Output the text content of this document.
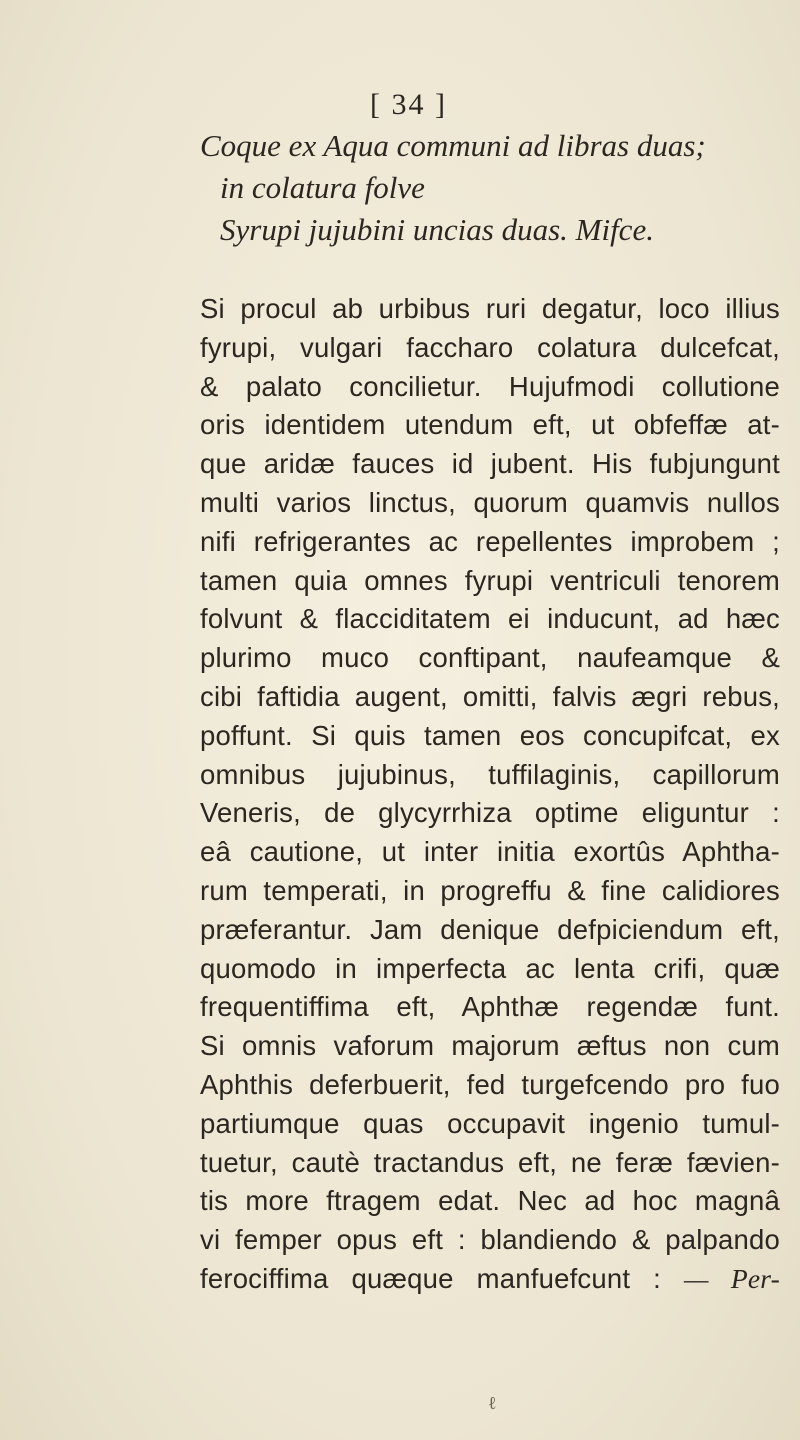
[ 34 ]
Coque ex Aqua communi ad libras duas;
in colatura folve
Syrupi jujubini uncias duas. Mifce.
Si procul ab urbibus ruri degatur, loco illius
fyrupi, vulgari faccharo colatura dulcefcat,
& palato concilietur. Hujufmodi collutione
oris identidem utendum eft, ut obfeffæ at-
que aridæ fauces id jubent. His fubjungunt
multi varios linctus, quorum quamvis nullos
nifi refrigerantes ac repellentes improbem ;
tamen quia omnes fyrupi ventriculi tenorem
folvunt & flacciditatem ei inducunt, ad hæc
plurimo muco conftipant, naufeamque &
cibi faftidia augent, omitti, falvis ægri rebus,
poffunt. Si quis tamen eos concupifcat, ex
omnibus jujubinus, tuffilaginis, capillorum
Veneris, de glycyrrhiza optime eliguntur :
eâ cautione, ut inter initia exortûs Aphtha-
rum temperati, in progreffu & fine calidiores
præferantur. Jam denique defpiciendum eft,
quomodo in imperfecta ac lenta crifi, quæ
frequentiffima eft, Aphthæ regendæ funt.
Si omnis vaforum majorum æftus non cum
Aphthis deferbuerit, fed turgefcendo pro fuo
partiumque quas occupavit ingenio tumul-
tuetur, cautè tractandus eft, ne feræ fævien-
tis more ftragem edat. Nec ad hoc magnâ
vi femper opus eft : blandiendo & palpando
ferociffima quæque manfuefcunt : — Per-
ℓ
